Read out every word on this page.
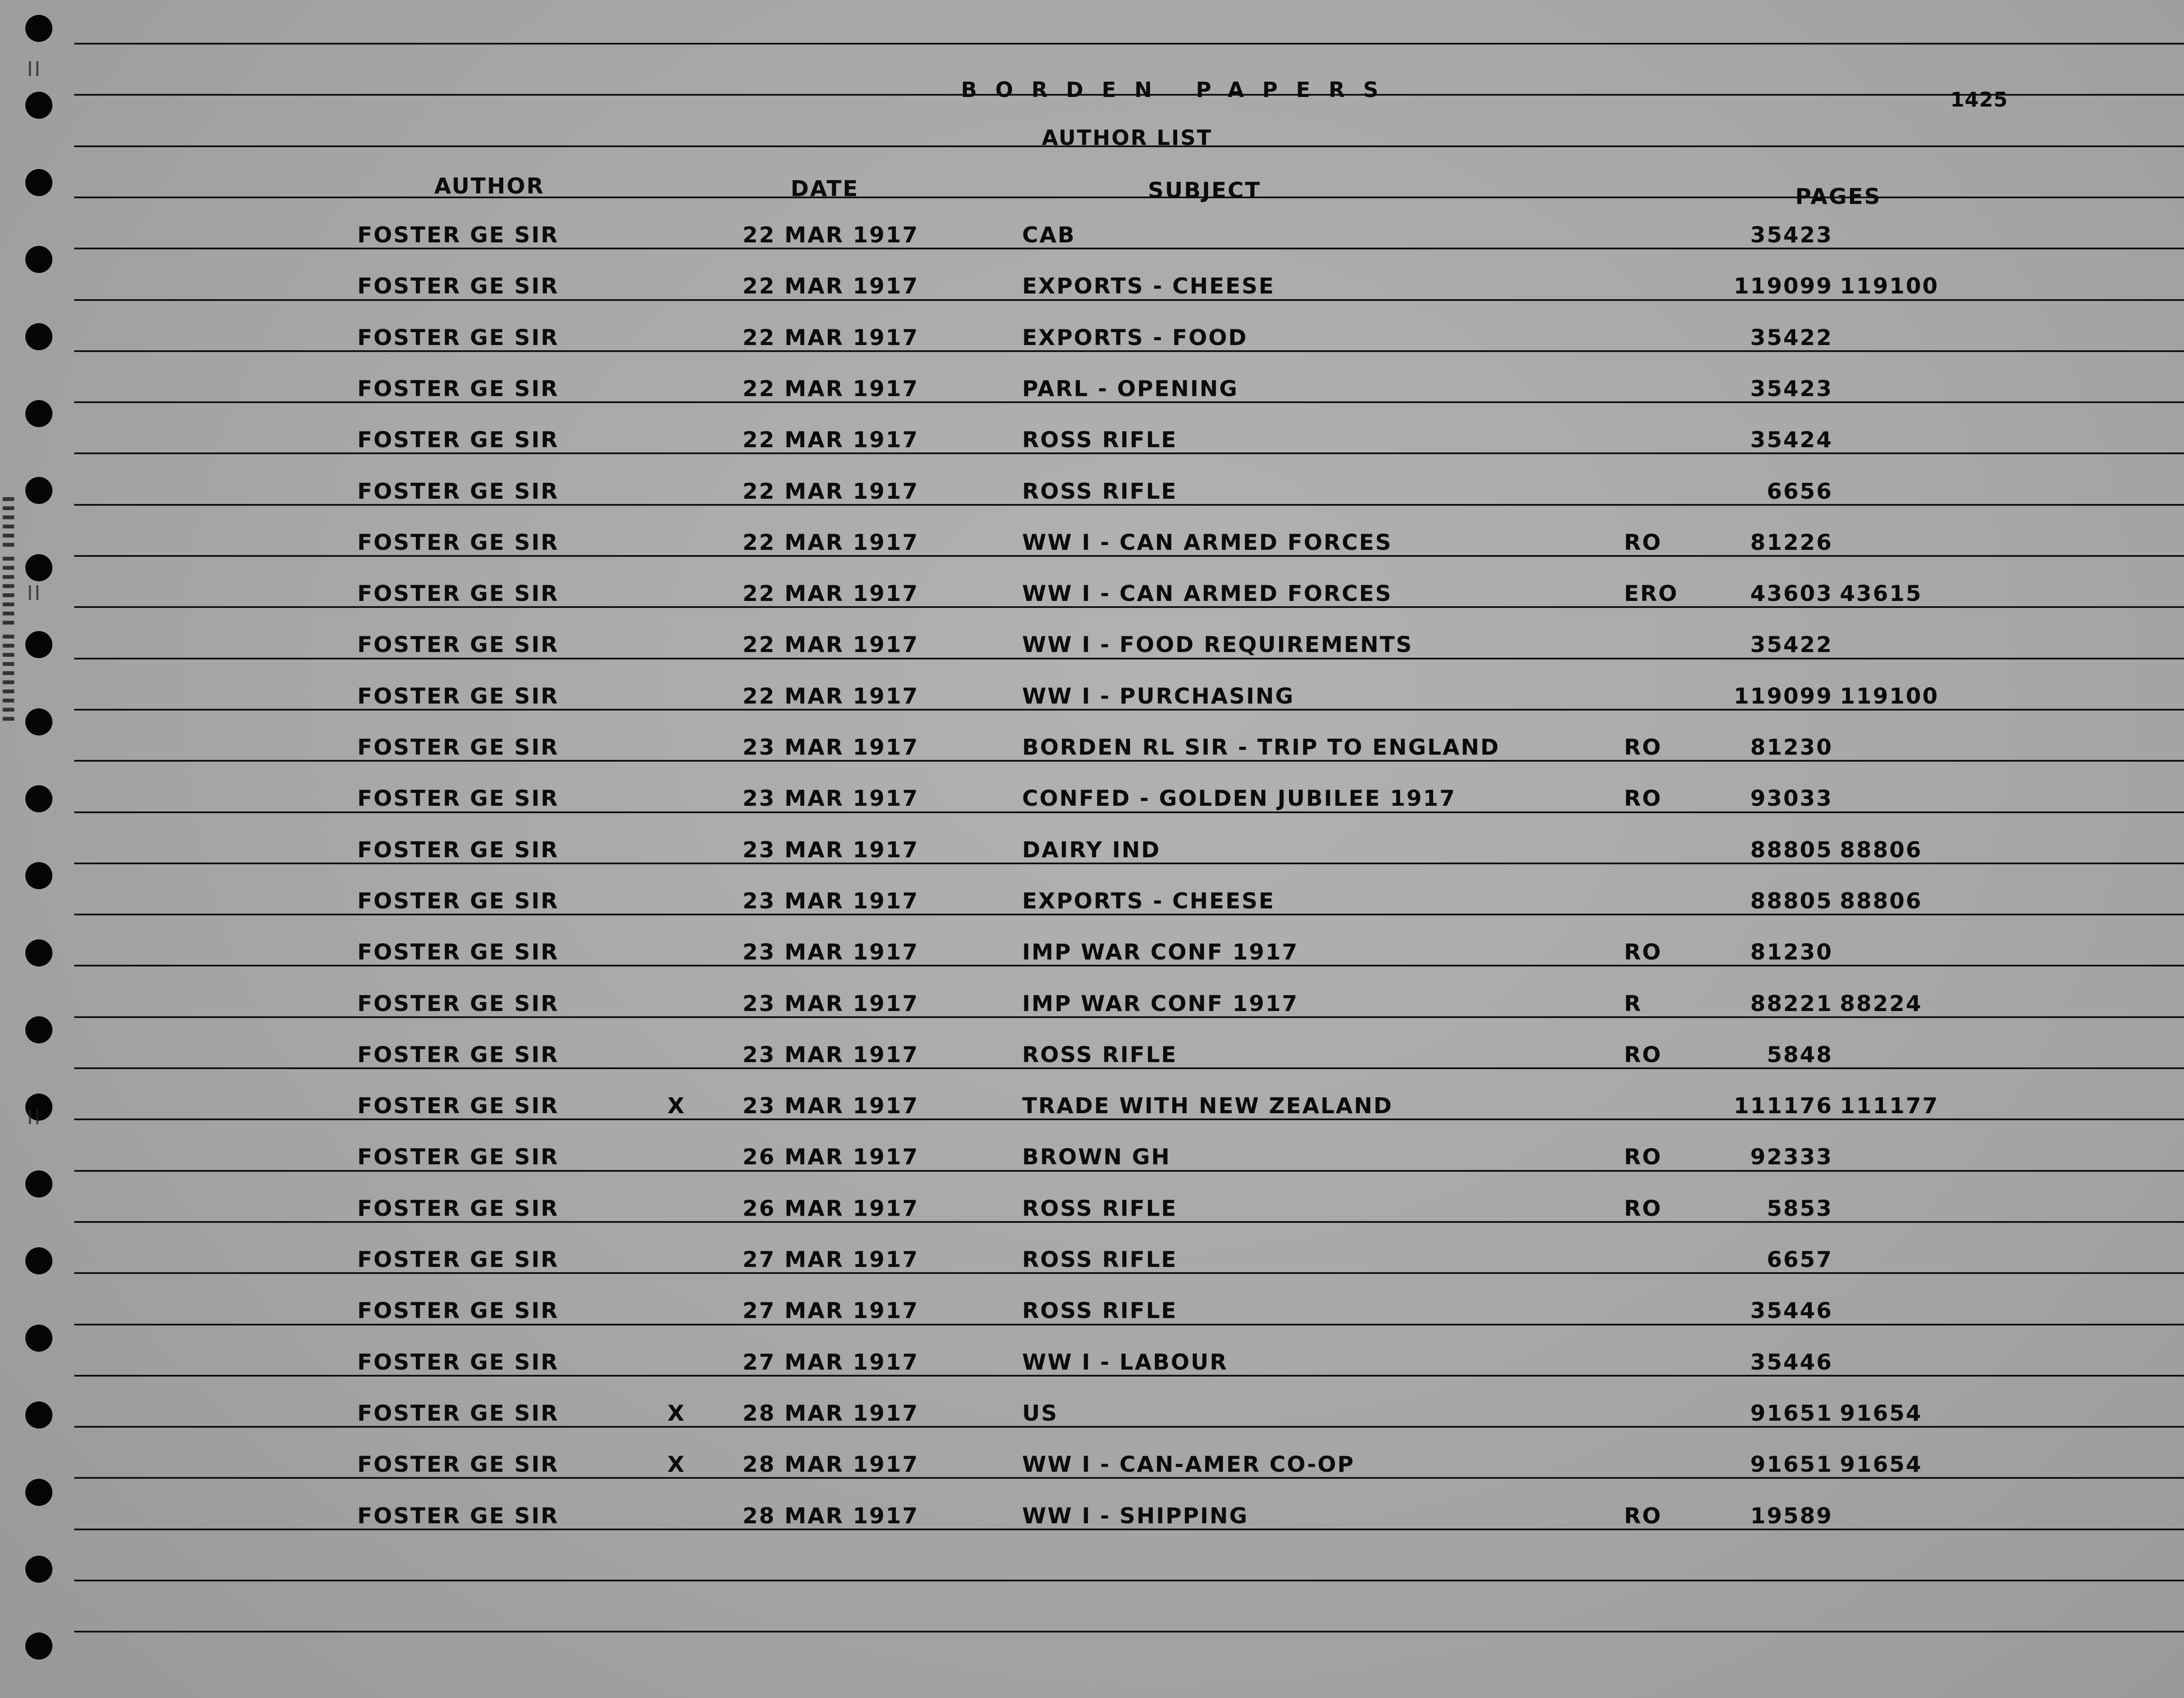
▌▌▌▌▌▌▌▌▌▌ ▌▌▌▌▌▌▌▌ ▌▌▌▌▌▌
BORDEN PAPERS	1425
AUTHOR LIST
AUTHOR	DATE	SUBJECT	PAGES
FOSTER GE SIR	22 MAR 1917	CAB	35423
FOSTER GE SIR	22 MAR 1917	EXPORTS - CHEESE	119099 119100
FOSTER GE SIR	22 MAR 1917	EXPORTS - FOOD	35422
FOSTER GE SIR	22 MAR 1917	PARL - OPENING	35423
FOSTER GE SIR	22 MAR 1917	ROSS RIFLE	35424
FOSTER GE SIR	22 MAR 1917	ROSS RIFLE	6656
FOSTER GE SIR	22 MAR 1917	WW I - CAN ARMED FORCES	RO	81226
FOSTER GE SIR	22 MAR 1917	WW I - CAN ARMED FORCES	ERO	43603 43615
FOSTER GE SIR	22 MAR 1917	WW I - FOOD REQUIREMENTS	35422
FOSTER GE SIR	22 MAR 1917	WW I - PURCHASING	119099 119100
FOSTER GE SIR	23 MAR 1917	BORDEN RL SIR - TRIP TO ENGLAND	RO	81230
FOSTER GE SIR	23 MAR 1917	CONFED - GOLDEN JUBILEE 1917	RO	93033
FOSTER GE SIR	23 MAR 1917	DAIRY IND	88805 88806
FOSTER GE SIR	23 MAR 1917	EXPORTS - CHEESE	88805 88806
FOSTER GE SIR	23 MAR 1917	IMP WAR CONF 1917	RO	81230
FOSTER GE SIR	23 MAR 1917	IMP WAR CONF 1917	R	88221 88224
FOSTER GE SIR	23 MAR 1917	ROSS RIFLE	RO	5848
FOSTER GE SIR	X	23 MAR 1917	TRADE WITH NEW ZEALAND	111176 111177
FOSTER GE SIR	26 MAR 1917	BROWN GH	RO	92333
FOSTER GE SIR	26 MAR 1917	ROSS RIFLE	RO	5853
FOSTER GE SIR	27 MAR 1917	ROSS RIFLE	6657
FOSTER GE SIR	27 MAR 1917	ROSS RIFLE	35446
FOSTER GE SIR	27 MAR 1917	WW I - LABOUR	35446
FOSTER GE SIR	X	28 MAR 1917	US	91651 91654
FOSTER GE SIR	X	28 MAR 1917	WW I - CAN-AMER CO-OP	91651 91654
FOSTER GE SIR	28 MAR 1917	WW I - SHIPPING	RO	19589
